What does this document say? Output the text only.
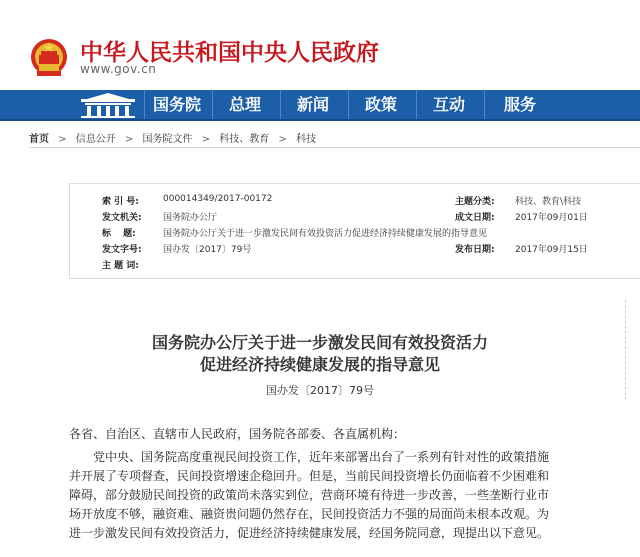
中华人民共和国中央人民政府
www.gov.cn
国务院	总理	新闻	政策	互动	服务
首页 > 信息公开 > 国务院文件 > 科技、教育 > 科技
索 引 号:	000014349/2017-00172	主题分类: 科技、教育\科技
发文机关: 国务院办公厅	成文日期: 2017年09月01日
标　 题:	国务院办公厅关于进一步激发民间有效投资活力促进经济持续健康发展的指导意见
发文字号: 国办发〔2017〕79号	发布日期: 2017年09月15日
主 题 词:
国务院办公厅关于进一步激发民间有效投资活力
促进经济持续健康发展的指导意见
国办发〔2017〕79号
各省、自治区、直辖市人民政府，国务院各部委、各直属机构：
党中央、国务院高度重视民间投资工作，近年来部署出台了一系列有针对性的政策措施
并开展了专项督查，民间投资增速企稳回升。但是，当前民间投资增长仍面临着不少困难和
障碍，部分鼓励民间投资的政策尚未落实到位，营商环境有待进一步改善，一些垄断行业市
场开放度不够，融资难、融资贵问题仍然存在，民间投资活力不强的局面尚未根本改观。为
进一步激发民间有效投资活力，促进经济持续健康发展，经国务院同意，现提出以下意见。
